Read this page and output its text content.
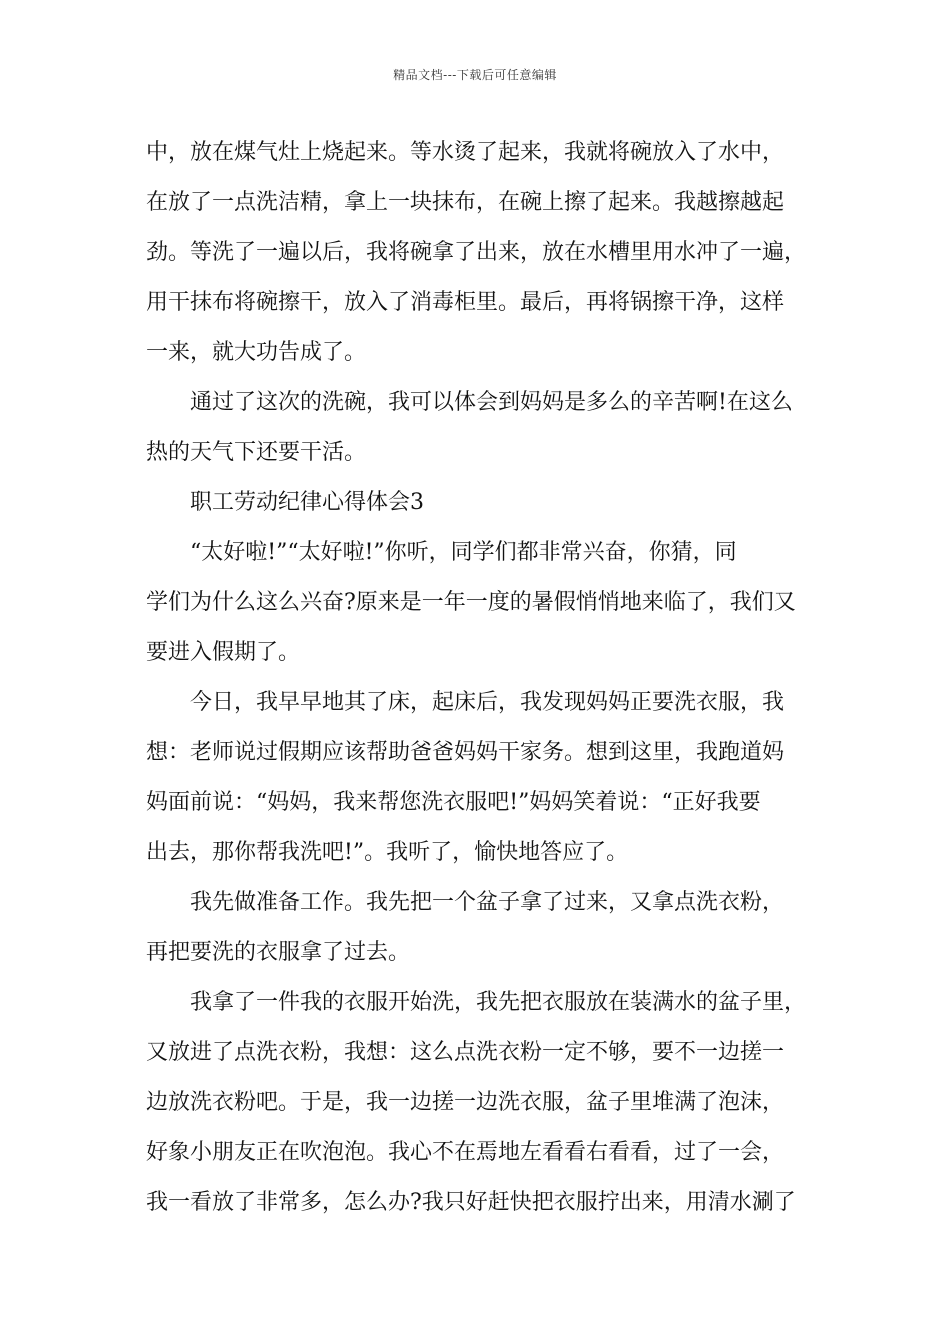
精品文档---下载后可任意编辑
中，放在煤气灶上烧起来。等水烫了起来，我就将碗放入了水中，
在放了一点洗洁精，拿上一块抹布，在碗上擦了起来。我越擦越起
劲。等洗了一遍以后，我将碗拿了出来，放在水槽里用水冲了一遍，
用干抹布将碗擦干，放入了消毒柜里。最后，再将锅擦干净，这样
一来，就大功告成了。
通过了这次的洗碗，我可以体会到妈妈是多么的辛苦啊!在这么
热的天气下还要干活。
职工劳动纪律心得体会3
“太好啦!”“太好啦!”你听，同学们都非常兴奋，你猜，同
学们为什么这么兴奋?原来是一年一度的暑假悄悄地来临了，我们又
要进入假期了。
今日，我早早地其了床，起床后，我发现妈妈正要洗衣服，我
想：老师说过假期应该帮助爸爸妈妈干家务。想到这里，我跑道妈
妈面前说：“妈妈，我来帮您洗衣服吧!”妈妈笑着说：“正好我要
出去，那你帮我洗吧!”。我听了，愉快地答应了。
我先做准备工作。我先把一个盆子拿了过来，又拿点洗衣粉，
再把要洗的衣服拿了过去。
我拿了一件我的衣服开始洗，我先把衣服放在装满水的盆子里，
又放进了点洗衣粉，我想：这么点洗衣粉一定不够，要不一边搓一
边放洗衣粉吧。于是，我一边搓一边洗衣服，盆子里堆满了泡沫，
好象小朋友正在吹泡泡。我心不在焉地左看看右看看，过了一会，
我一看放了非常多，怎么办?我只好赶快把衣服拧出来，用清水涮了
